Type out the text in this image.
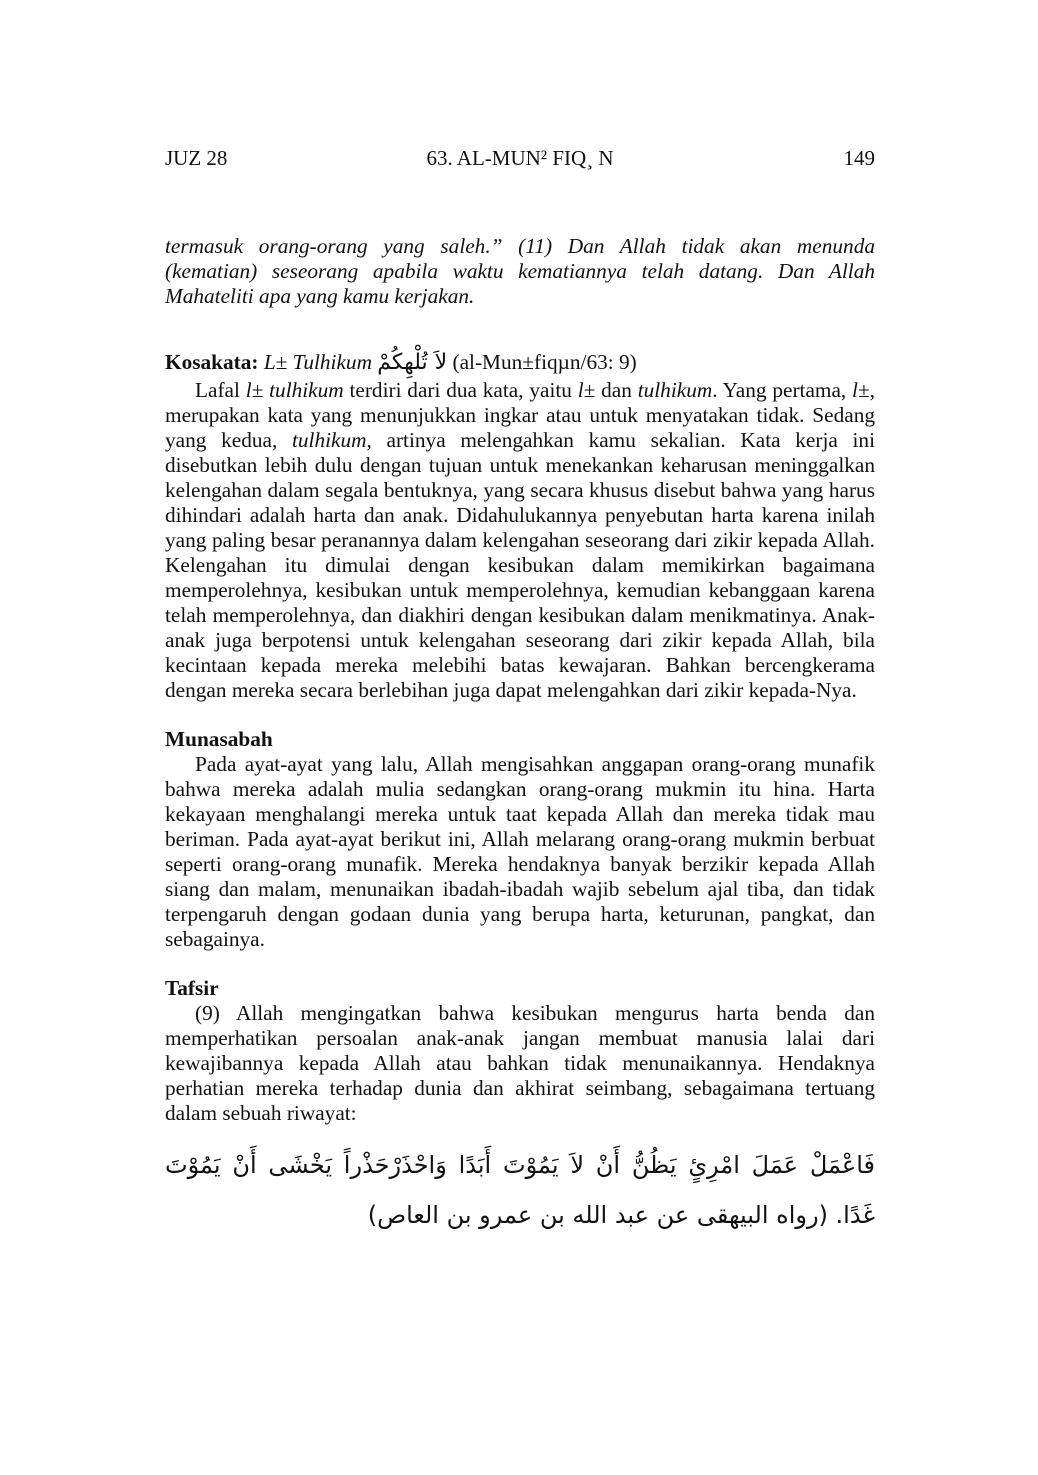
JUZ 28	63. AL-MUN² FIQ¸ N	149

termasuk orang-orang yang saleh.” (11) Dan Allah tidak akan menunda (kematian) seseorang apabila waktu kematiannya telah datang. Dan Allah Mahateliti apa yang kamu kerjakan.

Kosakata: L± Tulhikum لاَ تُلْهِكُمْ (al-Mun±fiqµn/63: 9)

Lafal l± tulhikum terdiri dari dua kata, yaitu l± dan tulhikum. Yang pertama, l±, merupakan kata yang menunjukkan ingkar atau untuk menyatakan tidak. Sedang yang kedua, tulhikum, artinya melengahkan kamu sekalian. Kata kerja ini disebutkan lebih dulu dengan tujuan untuk menekankan keharusan meninggalkan kelengahan dalam segala bentuknya, yang secara khusus disebut bahwa yang harus dihindari adalah harta dan anak. Didahulukannya penyebutan harta karena inilah yang paling besar peranannya dalam kelengahan seseorang dari zikir kepada Allah. Kelengahan itu dimulai dengan kesibukan dalam memikirkan bagaimana memperolehnya, kesibukan untuk memperolehnya, kemudian kebanggaan karena telah memperolehnya, dan diakhiri dengan kesibukan dalam menikmatinya. Anak-anak juga berpotensi untuk kelengahan seseorang dari zikir kepada Allah, bila kecintaan kepada mereka melebihi batas kewajaran. Bahkan bercengkerama dengan mereka secara berlebihan juga dapat melengahkan dari zikir kepada-Nya.

Munasabah

Pada ayat-ayat yang lalu, Allah mengisahkan anggapan orang-orang munafik bahwa mereka adalah mulia sedangkan orang-orang mukmin itu hina. Harta kekayaan menghalangi mereka untuk taat kepada Allah dan mereka tidak mau beriman. Pada ayat-ayat berikut ini, Allah melarang orang-orang mukmin berbuat seperti orang-orang munafik. Mereka hendaknya banyak berzikir kepada Allah siang dan malam, menunaikan ibadah-ibadah wajib sebelum ajal tiba, dan tidak terpengaruh dengan godaan dunia yang berupa harta, keturunan, pangkat, dan sebagainya.

Tafsir

(9) Allah mengingatkan bahwa kesibukan mengurus harta benda dan memperhatikan persoalan anak-anak jangan membuat manusia lalai dari kewajibannya kepada Allah atau bahkan tidak menunaikannya. Hendaknya perhatian mereka terhadap dunia dan akhirat seimbang, sebagaimana tertuang dalam sebuah riwayat:

فَاعْمَلْ عَمَلَ امْرِئٍ يَظُنُّ أَنْ لاَ يَمُوْتَ أَبَدًا وَاحْذَرْحَذْراً يَخْشَى أَنْ يَمُوْتَ غَدًا. (رواه البيهقى عن عبد الله بن عمرو بن العاص)
